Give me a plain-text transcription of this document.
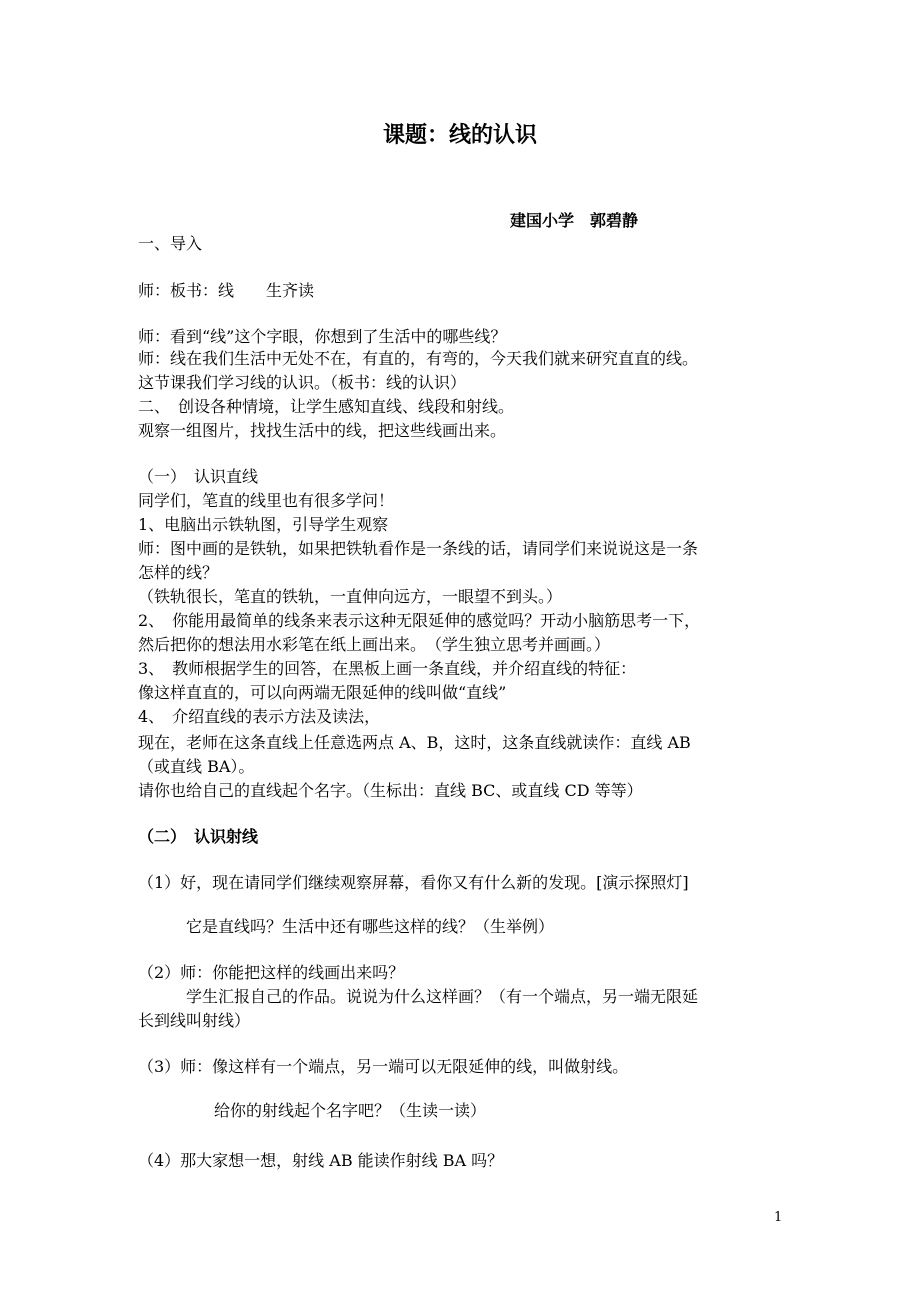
课题：线的认识
建国小学　郭碧静
一、导入
师：板书：线　　生齐读
师：看到“线”这个字眼，你想到了生活中的哪些线？
师：线在我们生活中无处不在，有直的，有弯的，今天我们就来研究直直的线。
这节课我们学习线的认识。（板书：线的认识）
二、　创设各种情境，让学生感知直线、线段和射线。
观察一组图片，找找生活中的线，把这些线画出来。
（一）　认识直线
同学们，笔直的线里也有很多学问！
1、电脑出示铁轨图，引导学生观察
师：图中画的是铁轨，如果把铁轨看作是一条线的话，请同学们来说说这是一条
怎样的线？
（铁轨很长，笔直的铁轨，一直伸向远方，一眼望不到头。）
2、　你能用最简单的线条来表示这种无限延伸的感觉吗？开动小脑筋思考一下，
然后把你的想法用水彩笔在纸上画出来。　（学生独立思考并画画。）
3、　教师根据学生的回答，在黑板上画一条直线，并介绍直线的特征：
像这样直直的，可以向两端无限延伸的线叫做“直线”
4、　介绍直线的表示方法及读法，
现在，老师在这条直线上任意选两点 A、B，这时，这条直线就读作：直线 AB
（或直线 BA）。
请你也给自己的直线起个名字。（生标出：直线 BC、或直线 CD 等等）
（二）　认识射线
（1）好，现在请同学们继续观察屏幕，看你又有什么新的发现。[演示探照灯]
它是直线吗？生活中还有哪些这样的线？（生举例）
（2）师：你能把这样的线画出来吗？
学生汇报自己的作品。说说为什么这样画？（有一个端点，另一端无限延
长到线叫射线）
（3）师：像这样有一个端点，另一端可以无限延伸的线，叫做射线。
给你的射线起个名字吧？（生读一读）
（4）那大家想一想，射线 AB 能读作射线 BA 吗？
1
